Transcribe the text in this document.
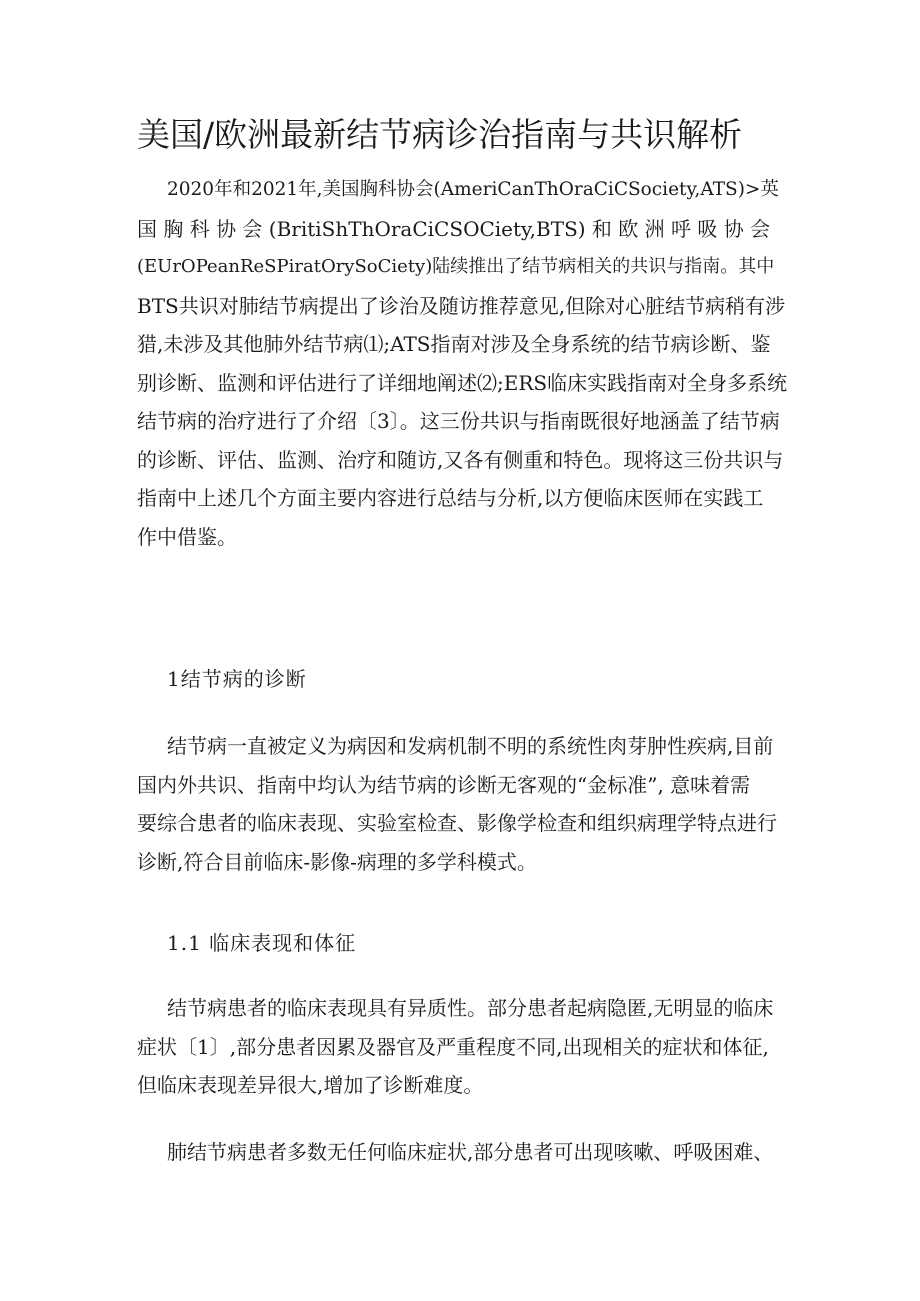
美国/欧洲最新结节病诊治指南与共识解析
2020年和2021年,美国胸科协会(AmeriCanThOraCiCSociety,ATS)>英
国 胸 科 协 会 (BritiShThOraCiCSOCiety,BTS) 和 欧 洲 呼 吸 协 会
(EUrOPeanReSPiratOrySoCiety)陆续推出了结节病相关的共识与指南。其中
BTS共识对肺结节病提出了诊治及随访推荐意见,但除对心脏结节病稍有涉
猎,未涉及其他肺外结节病⑴;ATS指南对涉及全身系统的结节病诊断、鉴
别诊断、监测和评估进行了详细地阐述⑵;ERS临床实践指南对全身多系统
结节病的治疗进行了介绍〔3〕。这三份共识与指南既很好地涵盖了结节病
的诊断、评估、监测、治疗和随访,又各有侧重和特色。现将这三份共识与
指南中上述几个方面主要内容进行总结与分析,以方便临床医师在实践工
作中借鉴。
1结节病的诊断
结节病一直被定义为病因和发病机制不明的系统性肉芽肿性疾病,目前
国内外共识、指南中均认为结节病的诊断无客观的“金标准”, 意味着需
要综合患者的临床表现、实验室检查、影像学检查和组织病理学特点进行
诊断,符合目前临床-影像-病理的多学科模式。
1.1 临床表现和体征
结节病患者的临床表现具有异质性。部分患者起病隐匿,无明显的临床
症状〔1〕,部分患者因累及器官及严重程度不同,出现相关的症状和体征,
但临床表现差异很大,增加了诊断难度。
肺结节病患者多数无任何临床症状,部分患者可出现咳嗽、呼吸困难、
